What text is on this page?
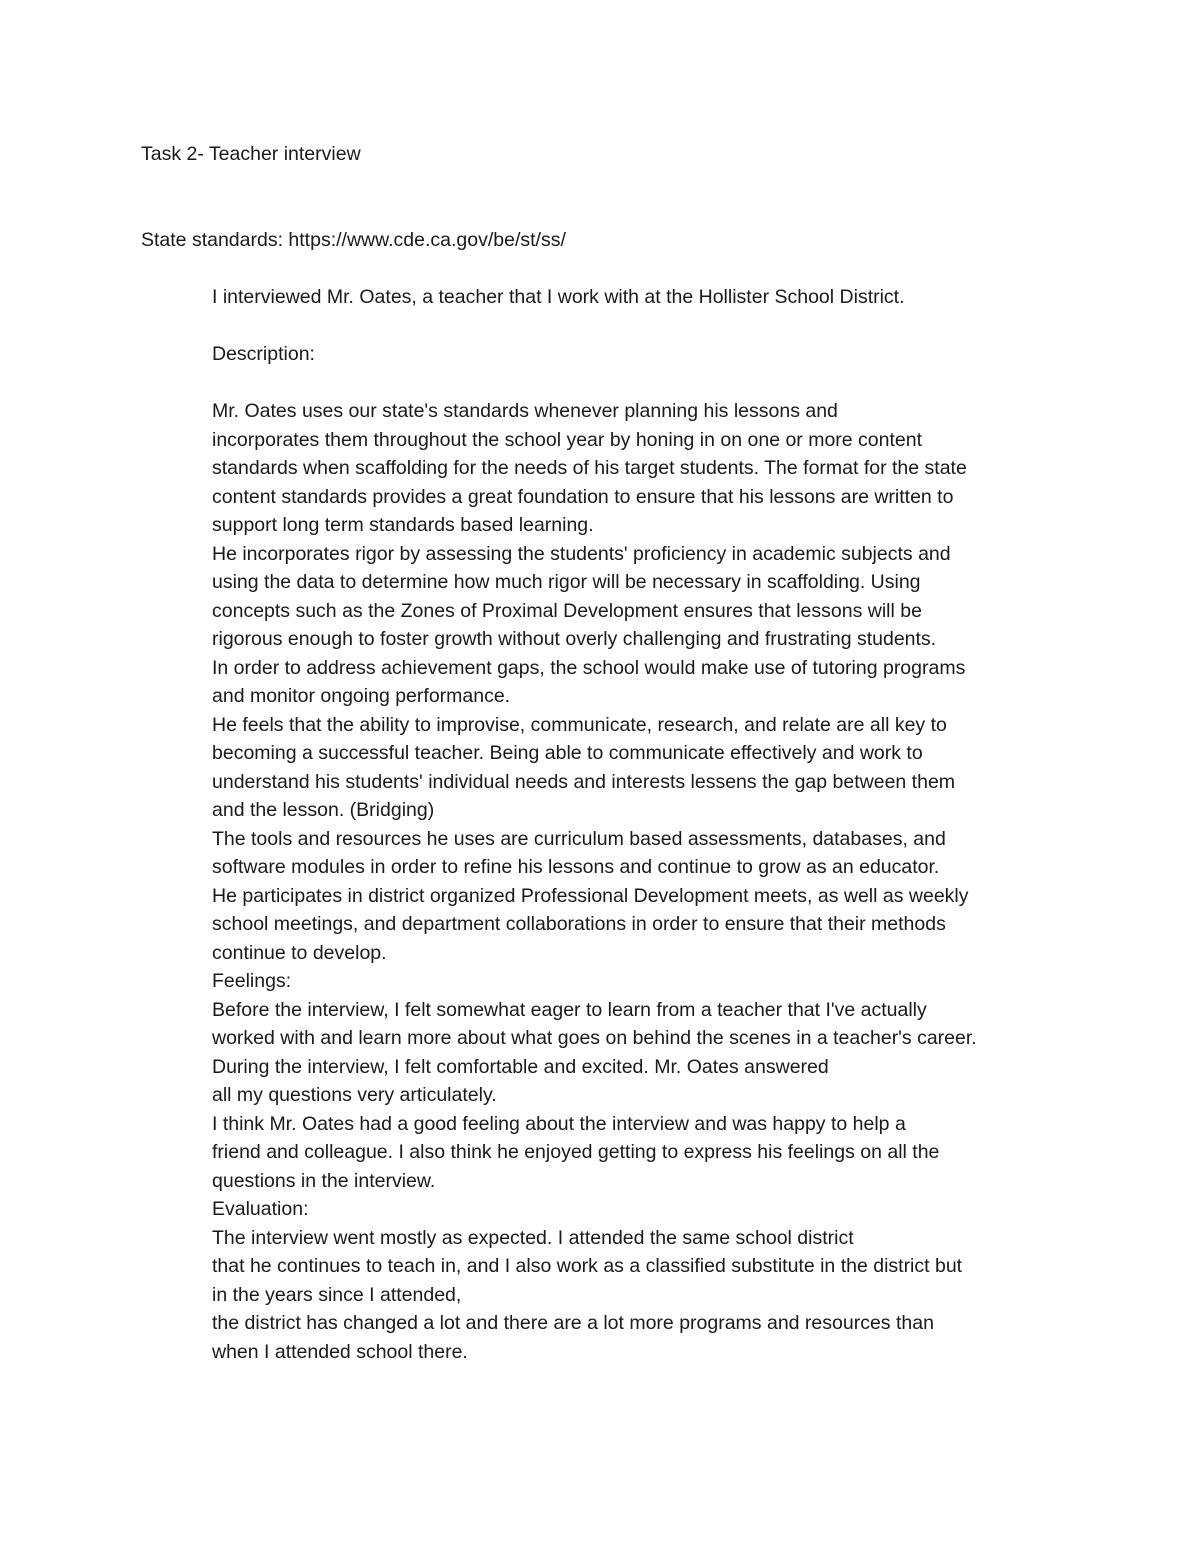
Task 2- Teacher interview
State standards: https://www.cde.ca.gov/be/st/ss/
I interviewed Mr. Oates, a teacher that I work with at the Hollister School District.
Description:
Mr. Oates uses our state's standards whenever planning his lessons and
incorporates them throughout the school year by honing in on one or more content
standards when scaffolding for the needs of his target students. The format for the state
content standards provides a great foundation to ensure that his lessons are written to
support long term standards based learning.
He incorporates rigor by assessing the students' proficiency in academic subjects and
using the data to determine how much rigor will be necessary in scaffolding. Using
concepts such as the Zones of Proximal Development ensures that lessons will be
rigorous enough to foster growth without overly challenging and frustrating students.
In order to address achievement gaps, the school would make use of tutoring programs
and monitor ongoing performance.
He feels that the ability to improvise, communicate, research, and relate are all key to
becoming a successful teacher. Being able to communicate effectively and work to
understand his students' individual needs and interests lessens the gap between them
and the lesson. (Bridging)
The tools and resources he uses are curriculum based assessments, databases, and
software modules in order to refine his lessons and continue to grow as an educator.
He participates in district organized Professional Development meets, as well as weekly
school meetings, and department collaborations in order to ensure that their methods
continue to develop.
Feelings:
Before the interview, I felt somewhat eager to learn from a teacher that I've actually
worked with and learn more about what goes on behind the scenes in a teacher's career.
During the interview, I felt comfortable and excited. Mr. Oates answered
all my questions very articulately.
I think Mr. Oates had a good feeling about the interview and was happy to help a
friend and colleague. I also think he enjoyed getting to express his feelings on all the
questions in the interview.
Evaluation:
The interview went mostly as expected. I attended the same school district
that he continues to teach in, and I also work as a classified substitute in the district but
in the years since I attended,
the district has changed a lot and there are a lot more programs and resources than
when I attended school there.
